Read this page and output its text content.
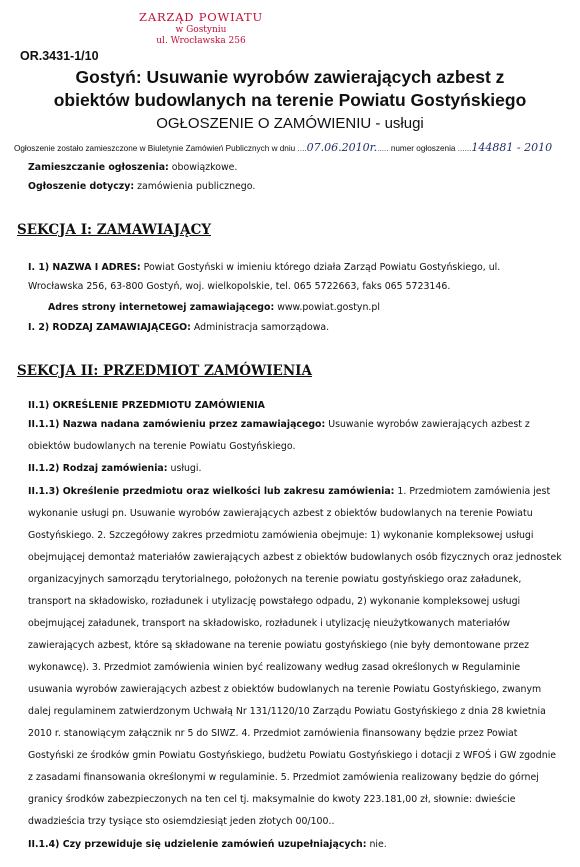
ZARZĄD POWIATU
w Gostyniu
ul. Wrocławska 256
OR.3431-1/10
Gostyń: Usuwanie wyrobów zawierających azbest z
obiektów budowlanych na terenie Powiatu Gostyńskiego
OGŁOSZENIE O ZAMÓWIENIU - usługi
Ogłoszenie zostało zamieszczone w Biuletynie Zamówień Publicznych w dniu ....07.06.2010r...... numer ogłoszenia ......144881 - 2010
Zamieszczanie ogłoszenia: obowiązkowe.
Ogłoszenie dotyczy: zamówienia publicznego.
SEKCJA I: ZAMAWIAJĄCY
I. 1) NAZWA I ADRES: Powiat Gostyński w imieniu którego działa Zarząd Powiatu Gostyńskiego, ul.
Wrocławska 256, 63-800 Gostyń, woj. wielkopolskie, tel. 065 5722663, faks 065 5723146.
Adres strony internetowej zamawiającego: www.powiat.gostyn.pl
I. 2) RODZAJ ZAMAWIAJĄCEGO: Administracja samorządowa.
SEKCJA II: PRZEDMIOT ZAMÓWIENIA
II.1) OKREŚLENIE PRZEDMIOTU ZAMÓWIENIA
II.1.1) Nazwa nadana zamówieniu przez zamawiającego: Usuwanie wyrobów zawierających azbest z
obiektów budowlanych na terenie Powiatu Gostyńskiego.
II.1.2) Rodzaj zamówienia: usługi.
II.1.3) Określenie przedmiotu oraz wielkości lub zakresu zamówienia: 1. Przedmiotem zamówienia jest
wykonanie usługi pn. Usuwanie wyrobów zawierających azbest z obiektów budowlanych na terenie Powiatu
Gostyńskiego. 2. Szczegółowy zakres przedmiotu zamówienia obejmuje: 1) wykonanie kompleksowej usługi
obejmującej demontaż materiałów zawierających azbest z obiektów budowlanych osób fizycznych oraz jednostek
organizacyjnych samorządu terytorialnego, położonych na terenie powiatu gostyńskiego oraz załadunek,
transport na składowisko, rozładunek i utylizację powstałego odpadu, 2) wykonanie kompleksowej usługi
obejmującej załadunek, transport na składowisko, rozładunek i utylizację nieużytkowanych materiałów
zawierających azbest, które są składowane na terenie powiatu gostyńskiego (nie były demontowane przez
wykonawcę). 3. Przedmiot zamówienia winien być realizowany według zasad określonych w Regulaminie
usuwania wyrobów zawierających azbest z obiektów budowlanych na terenie Powiatu Gostyńskiego, zwanym
dalej regulaminem zatwierdzonym Uchwałą Nr 131/1120/10 Zarządu Powiatu Gostyńskiego z dnia 28 kwietnia
2010 r. stanowiącym załącznik nr 5 do SIWZ. 4. Przedmiot zamówienia finansowany będzie przez Powiat
Gostyński ze środków gmin Powiatu Gostyńskiego, budżetu Powiatu Gostyńskiego i dotacji z WFOŚ i GW zgodnie
z zasadami finansowania określonymi w regulaminie. 5. Przedmiot zamówienia realizowany będzie do górnej
granicy środków zabezpieczonych na ten cel tj. maksymalnie do kwoty 223.181,00 zł, słownie: dwieście
dwadzieścia trzy tysiące sto osiemdziesiąt jeden złotych 00/100..
II.1.4) Czy przewiduje się udzielenie zamówień uzupełniających: nie.
